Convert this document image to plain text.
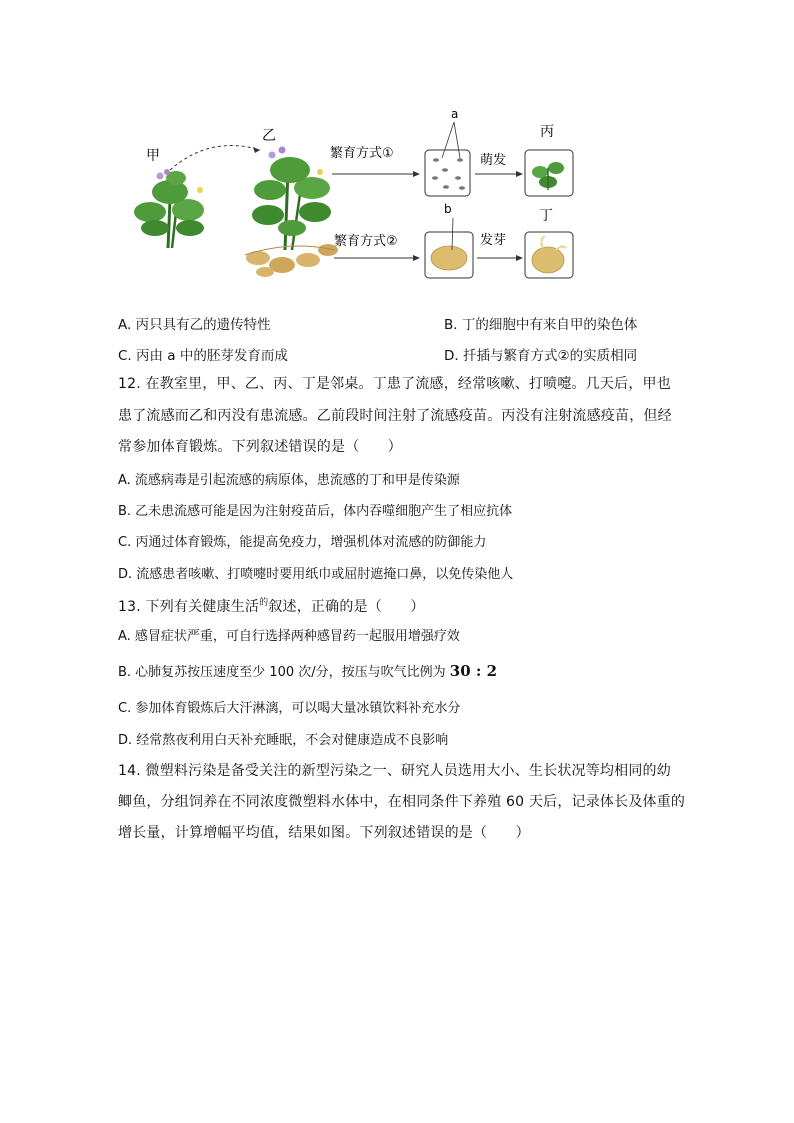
甲
乙
繁育方式①
a
萌发
丙
繁育方式②
b
发芽
丁
A. 丙只具有乙的遗传特性	B. 丁的细胞中有来自甲的染色体
C. 丙由 a 中的胚芽发育而成	D. 扦插与繁育方式②的实质相同
12. 在教室里，甲、乙、丙、丁是邻桌。丁患了流感，经常咳嗽、打喷嚏。几天后，甲也
患了流感而乙和丙没有患流感。乙前段时间注射了流感疫苗。丙没有注射流感疫苗，但经
常参加体育锻炼。下列叙述错误的是（　　）
A. 流感病毒是引起流感的病原体，患流感的丁和甲是传染源
B. 乙未患流感可能是因为注射疫苗后，体内吞噬细胞产生了相应抗体
C. 丙通过体育锻炼，能提高免疫力，增强机体对流感的防御能力
D. 流感患者咳嗽、打喷嚏时要用纸巾或屈肘遮掩口鼻，以免传染他人
13. 下列有关健康生活$^的$叙述，正确的是（　　）
A. 感冒症状严重，可自行选择两种感冒药一起服用增强疗效
B. 心肺复苏按压速度至少 100 次/分，按压与吹气比例为 30 : 2
C. 参加体育锻炼后大汗淋漓，可以喝大量冰镇饮料补充水分
D. 经常熬夜利用白天补充睡眠，不会对健康造成不良影响
14. 微塑料污染是备受关注的新型污染之一、研究人员选用大小、生长状况等均相同的幼
鲫鱼，分组饲养在不同浓度微塑料水体中，在相同条件下养殖 60 天后，记录体长及体重的
增长量，计算增幅平均值，结果如图。下列叙述错误的是（　　）
